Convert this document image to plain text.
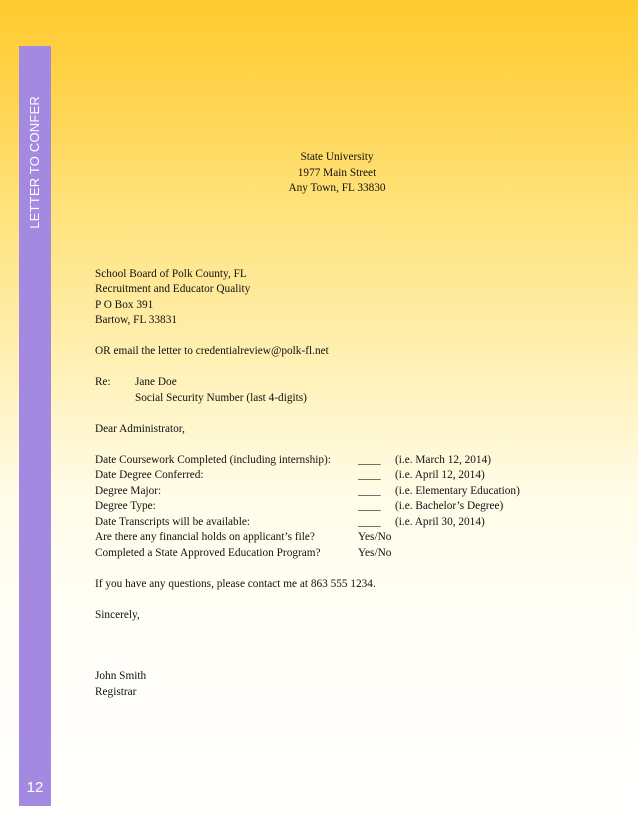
LETTER TO CONFER
12

State University

1977 Main Street

Any Town, FL 33830

School Board of Polk County, FL

Recruitment and Educator Quality

P O Box 391

Bartow, FL 33831

OR email the letter to credentialreview@polk-fl.net

Re:	Jane Doe
Social Security Number (last 4-digits)

Dear Administrator,

Date Coursework Completed (including internship):	____	(i.e. March 12, 2014)
Date Degree Conferred:	____	(i.e. April 12, 2014)
Degree Major:	____	(i.e. Elementary Education)
Degree Type:	____	(i.e. Bachelor’s Degree)
Date Transcripts will be available:	____	(i.e. April 30, 2014)
Are there any financial holds on applicant’s file?	Yes/No	
Completed a State Approved Education Program?	Yes/No	

If you have any questions, please contact me at 863 555 1234.

Sincerely,

John Smith

Registrar
